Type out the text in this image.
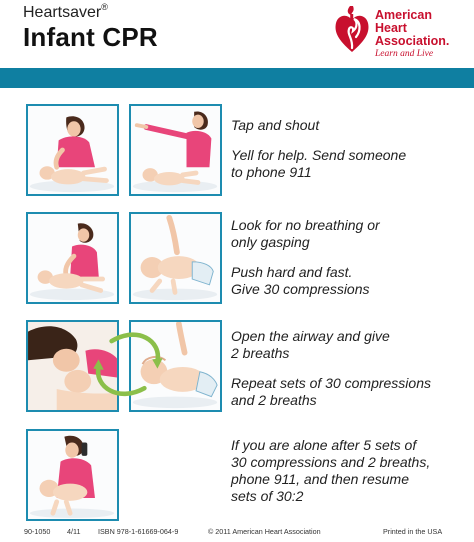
Heartsaver®
Infant CPR
American
Heart
Association.
Learn and Live

Tap and shout

Yell for help. Send someone
to phone 911

Look for no breathing or
only gasping

Push hard and fast.
Give 30 compressions

Open the airway and give
2 breaths

Repeat sets of 30 compressions
and 2 breaths

If you are alone after 5 sets of
30 compressions and 2 breaths,
phone 911, and then resume
sets of 30:2

90-1050 4/11 ISBN 978-1-61669-064-9	© 2011 American Heart Association	Printed in the USA
